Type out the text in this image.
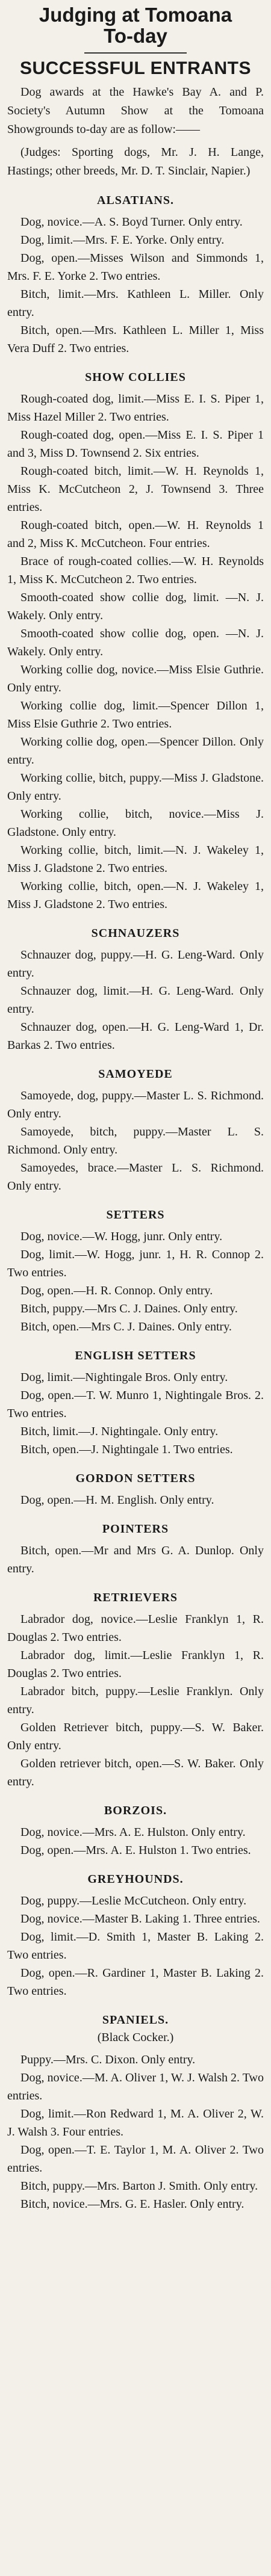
Judging at Tomoana
To-day
SUCCESSFUL ENTRANTS

Dog awards at the Hawke's Bay A. and P. Society's Autumn Show at the Tomoana Showgrounds to-day are as follow:——

(Judges: Sporting dogs, Mr. J. H. Lange, Hastings; other breeds, Mr. D. T. Sinclair, Napier.)

ALSATIANS.

Dog, novice.—A. S. Boyd Turner. Only entry.

Dog, limit.—Mrs. F. E. Yorke. Only entry.

Dog, open.—Misses Wilson and Simmonds 1, Mrs. F. E. Yorke 2. Two entries.

Bitch, limit.—Mrs. Kathleen L. Miller. Only entry.

Bitch, open.—Mrs. Kathleen L. Miller 1, Miss Vera Duff 2. Two entries.

SHOW COLLIES

Rough-coated dog, limit.—Miss E. I. S. Piper 1, Miss Hazel Miller 2. Two entries.

Rough-coated dog, open.—Miss E. I. S. Piper 1 and 3, Miss D. Townsend 2. Six entries.

Rough-coated bitch, limit.—W. H. Reynolds 1, Miss K. McCutcheon 2, J. Townsend 3. Three entries.

Rough-coated bitch, open.—W. H. Reynolds 1 and 2, Miss K. McCutcheon. Four entries.

Brace of rough-coated collies.—W. H. Reynolds 1, Miss K. McCutcheon 2. Two entries.

Smooth-coated show collie dog, limit. —N. J. Wakely. Only entry.

Smooth-coated show collie dog, open. —N. J. Wakely. Only entry.

Working collie dog, novice.—Miss Elsie Guthrie. Only entry.

Working collie dog, limit.—Spencer Dillon 1, Miss Elsie Guthrie 2. Two entries.

Working collie dog, open.—Spencer Dillon. Only entry.

Working collie, bitch, puppy.—Miss J. Gladstone. Only entry.

Working collie, bitch, novice.—Miss J. Gladstone. Only entry.

Working collie, bitch, limit.—N. J. Wakeley 1, Miss J. Gladstone 2. Two entries.

Working collie, bitch, open.—N. J. Wakeley 1, Miss J. Gladstone 2. Two entries.

SCHNAUZERS

Schnauzer dog, puppy.—H. G. Leng-Ward. Only entry.

Schnauzer dog, limit.—H. G. Leng-Ward. Only entry.

Schnauzer dog, open.—H. G. Leng-Ward 1, Dr. Barkas 2. Two entries.

SAMOYEDE

Samoyede, dog, puppy.—Master L. S. Richmond. Only entry.

Samoyede, bitch, puppy.—Master L. S. Richmond. Only entry.

Samoyedes, brace.—Master L. S. Richmond. Only entry.

SETTERS

Dog, novice.—W. Hogg, junr. Only entry.

Dog, limit.—W. Hogg, junr. 1, H. R. Connop 2. Two entries.

Dog, open.—H. R. Connop. Only entry.

Bitch, puppy.—Mrs C. J. Daines. Only entry.

Bitch, open.—Mrs C. J. Daines. Only entry.

ENGLISH SETTERS

Dog, limit.—Nightingale Bros. Only entry.

Dog, open.—T. W. Munro 1, Nightingale Bros. 2. Two entries.

Bitch, limit.—J. Nightingale. Only entry.

Bitch, open.—J. Nightingale 1. Two entries.

GORDON SETTERS

Dog, open.—H. M. English. Only entry.

POINTERS

Bitch, open.—Mr and Mrs G. A. Dunlop. Only entry.

RETRIEVERS

Labrador dog, novice.—Leslie Franklyn 1, R. Douglas 2. Two entries.

Labrador dog, limit.—Leslie Franklyn 1, R. Douglas 2. Two entries.

Labrador bitch, puppy.—Leslie Franklyn. Only entry.

Golden Retriever bitch, puppy.—S. W. Baker. Only entry.

Golden retriever bitch, open.—S. W. Baker. Only entry.

BORZOIS.

Dog, novice.—Mrs. A. E. Hulston. Only entry.

Dog, open.—Mrs. A. E. Hulston 1. Two entries.

GREYHOUNDS.

Dog, puppy.—Leslie McCutcheon. Only entry.

Dog, novice.—Master B. Laking 1. Three entries.

Dog, limit.—D. Smith 1, Master B. Laking 2. Two entries.

Dog, open.—R. Gardiner 1, Master B. Laking 2. Two entries.

SPANIELS.
(Black Cocker.)

Puppy.—Mrs. C. Dixon. Only entry.

Dog, novice.—M. A. Oliver 1, W. J. Walsh 2. Two entries.

Dog, limit.—Ron Redward 1, M. A. Oliver 2, W. J. Walsh 3. Four entries.

Dog, open.—T. E. Taylor 1, M. A. Oliver 2. Two entries.

Bitch, puppy.—Mrs. Barton J. Smith. Only entry.

Bitch, novice.—Mrs. G. E. Hasler. Only entry.
